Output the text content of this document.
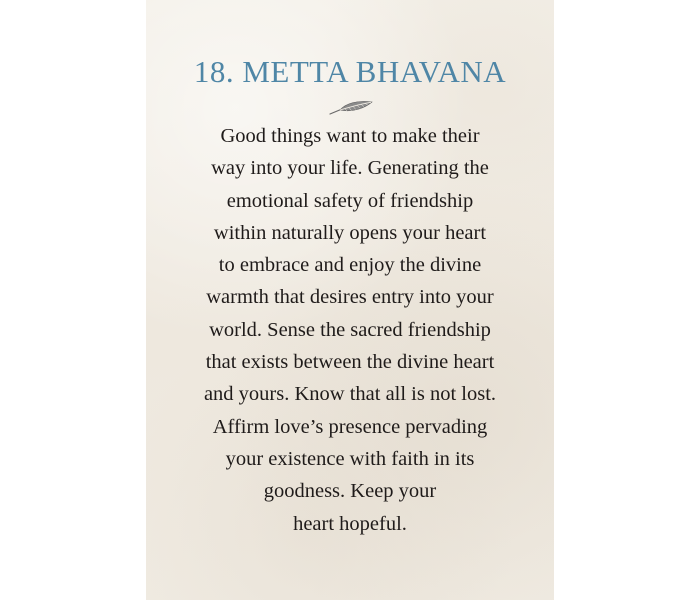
18. METTA BHAVANA
Good things want to make their
way into your life. Generating the
emotional safety of friendship
within naturally opens your heart
to embrace and enjoy the divine
warmth that desires entry into your
world. Sense the sacred friendship
that exists between the divine heart
and yours. Know that all is not lost.
Affirm love’s presence pervading
your existence with faith in its
goodness. Keep your
heart hopeful.
